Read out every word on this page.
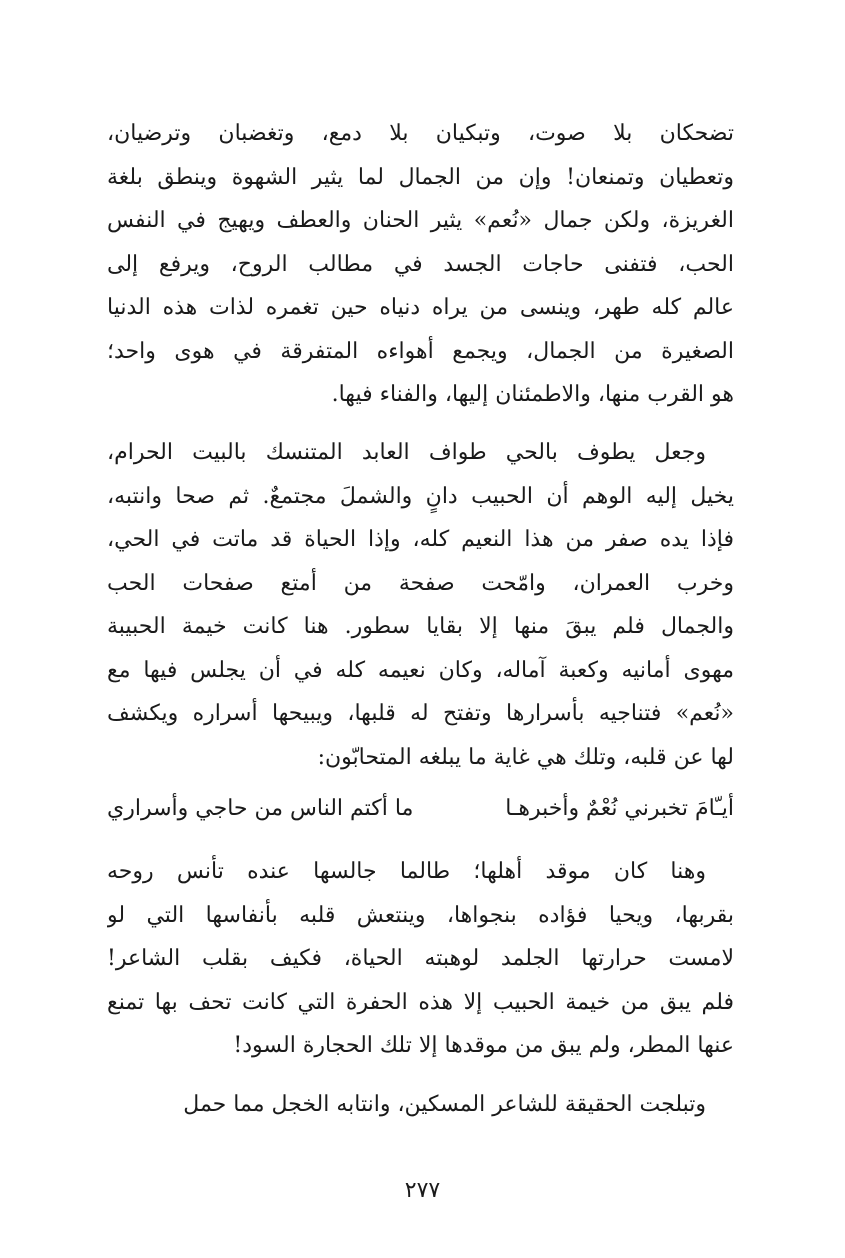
تضحكان بلا صوت، وتبكيان بلا دمع، وتغضبان وترضيان،
وتعطيان وتمنعان! وإن من الجمال لما يثير الشهوة وينطق بلغة
الغريزة، ولكن جمال «نُعم» يثير الحنان والعطف ويهيج في النفس
الحب، فتفنى حاجات الجسد في مطالب الروح، ويرفع إلى
عالم كله طهر، وينسى من يراه دنياه حين تغمره لذات هذه الدنيا
الصغيرة من الجمال، ويجمع أهواءه المتفرقة في هوى واحد؛
هو القرب منها، والاطمئنان إليها، والفناء فيها.
وجعل يطوف بالحي طواف العابد المتنسك بالبيت الحرام،
يخيل إليه الوهم أن الحبيب دانٍ والشملَ مجتمعٌ. ثم صحا وانتبه،
فإذا يده صفر من هذا النعيم كله، وإذا الحياة قد ماتت في الحي،
وخرب العمران، وامّحت صفحة من أمتع صفحات الحب
والجمال فلم يبقَ منها إلا بقايا سطور. هنا كانت خيمة الحبيبة
مهوى أمانيه وكعبة آماله، وكان نعيمه كله في أن يجلس فيها مع
«نُعم» فتناجيه بأسرارها وتفتح له قلبها، ويبيحها أسراره ويكشف
لها عن قلبه، وتلك هي غاية ما يبلغه المتحابّون:
أيـّامَ تخبرني نُعْمٌ وأخبرهـا
ما أكتم الناس من حاجي وأسراري
وهنا كان موقد أهلها؛ طالما جالسها عنده تأنس روحه
بقربها، ويحيا فؤاده بنجواها، وينتعش قلبه بأنفاسها التي لو
لامست حرارتها الجلمد لوهبته الحياة، فكيف بقلب الشاعر!
فلم يبق من خيمة الحبيب إلا هذه الحفرة التي كانت تحف بها تمنع
عنها المطر، ولم يبق من موقدها إلا تلك الحجارة السود!
وتبلجت الحقيقة للشاعر المسكين، وانتابه الخجل مما حمل
٢٧٧
